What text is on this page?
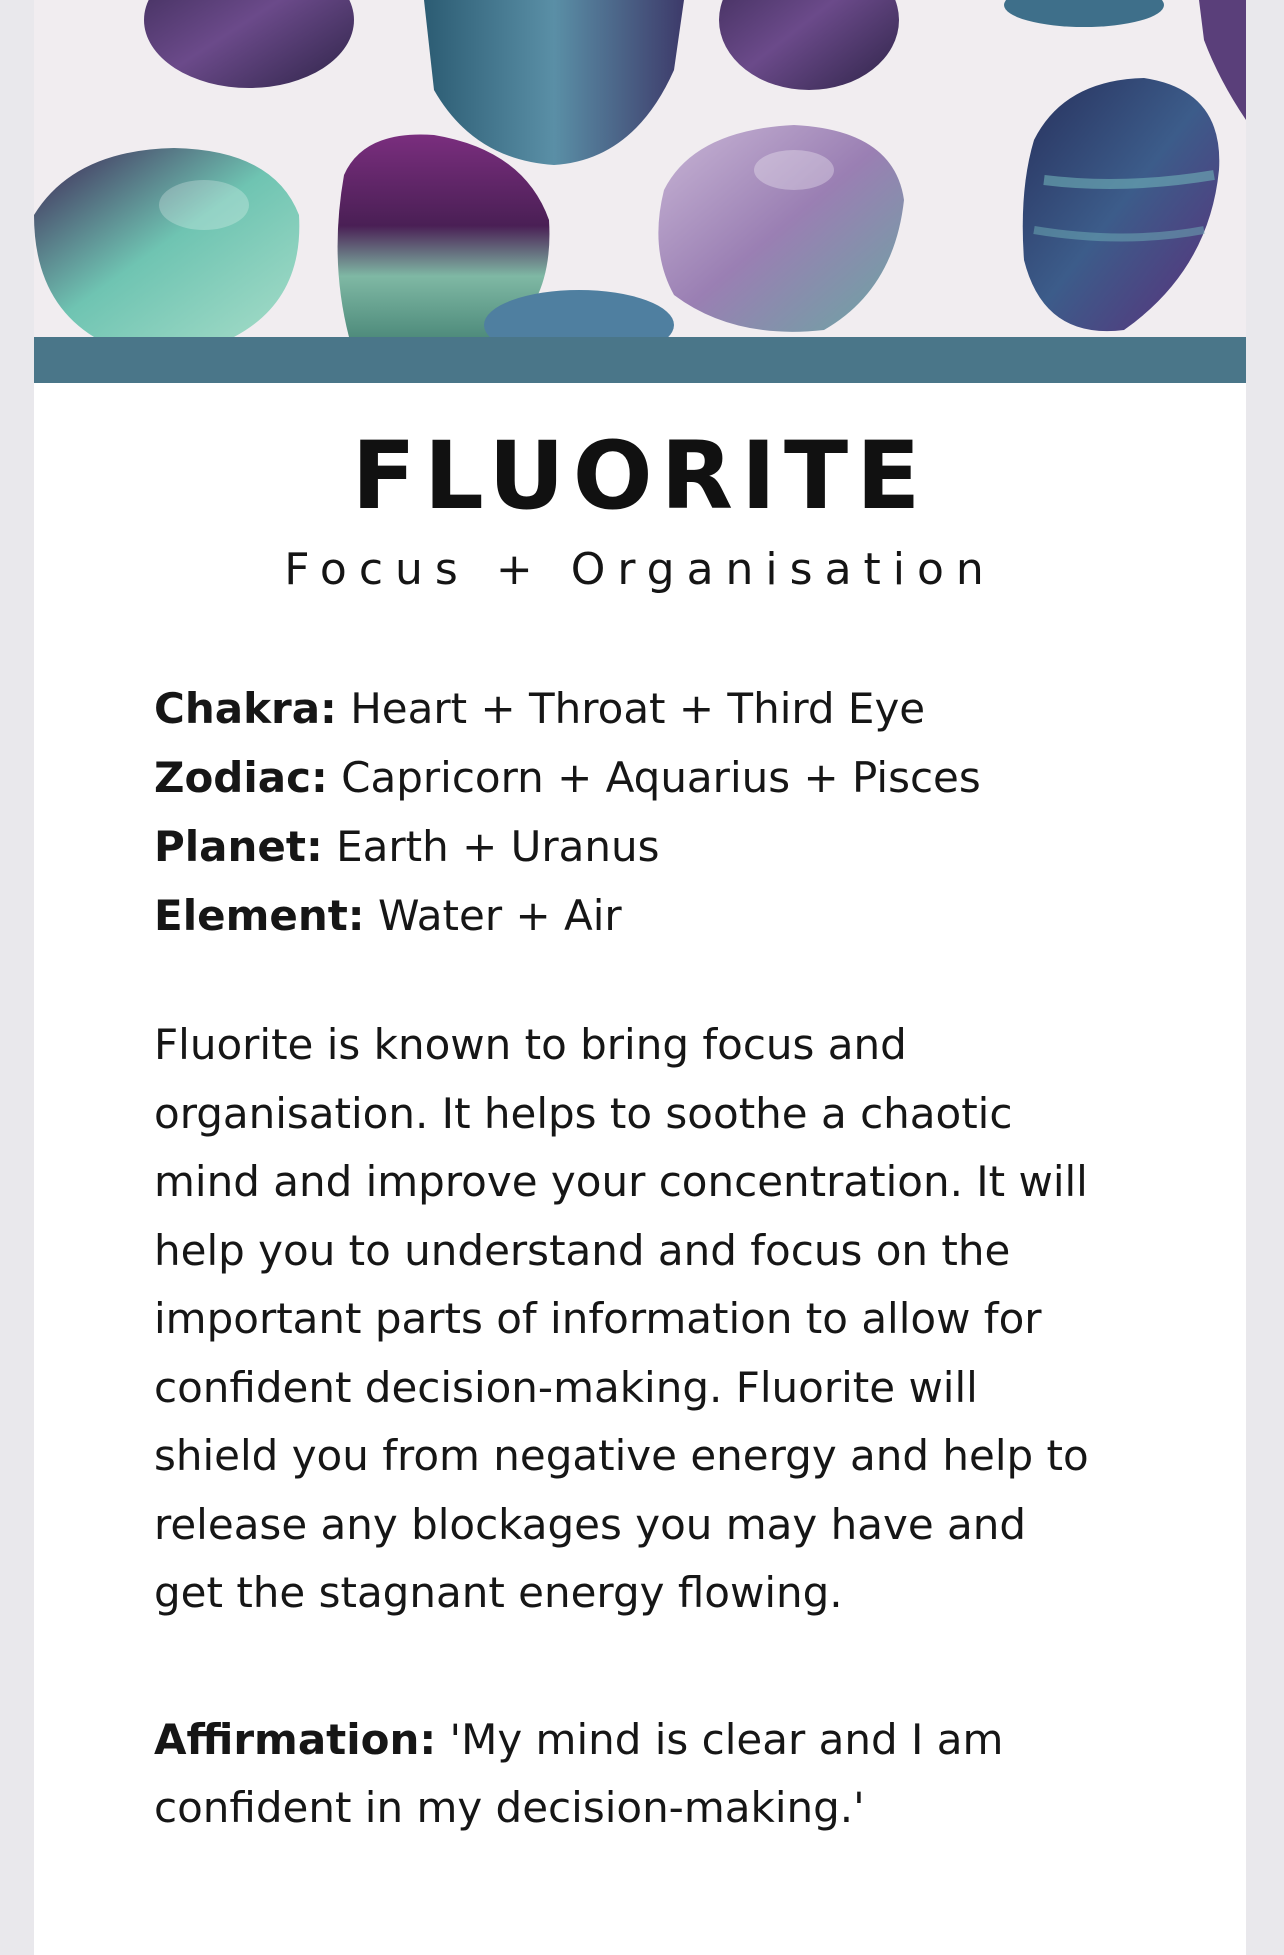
FLUORITE
Focus + Organisation
Chakra: Heart + Throat + Third Eye
Zodiac: Capricorn + Aquarius + Pisces
Planet: Earth + Uranus
Element: Water + Air
Fluorite is known to bring focus and
organisation. It helps to soothe a chaotic
mind and improve your concentration. It will
help you to understand and focus on the
important parts of information to allow for
confident decision-making. Fluorite will
shield you from negative energy and help to
release any blockages you may have and
get the stagnant energy flowing.
Affirmation: 'My mind is clear and I am
confident in my decision-making.'
